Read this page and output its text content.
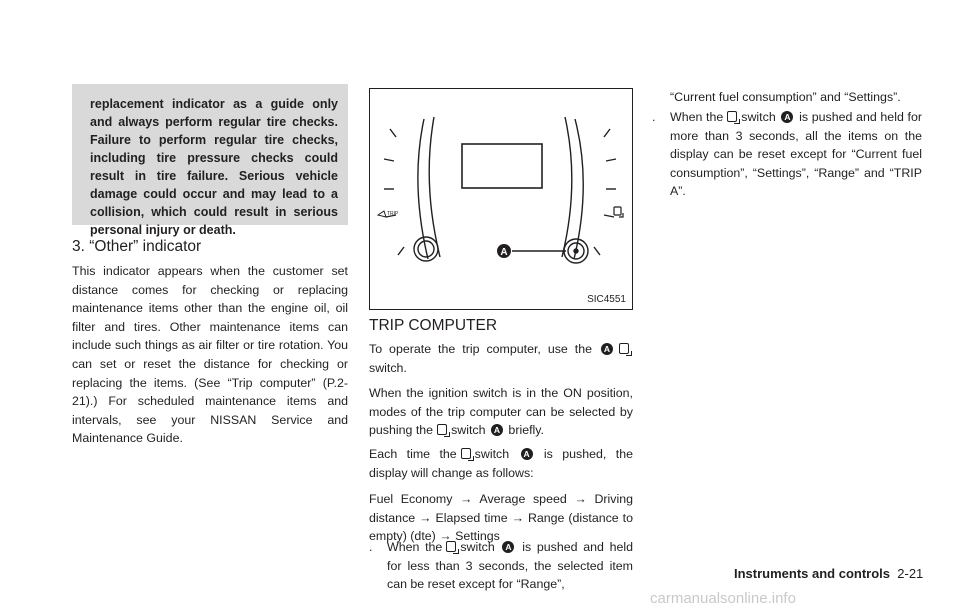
replacement indicator as a guide only and always perform regular tire checks. Failure to perform regular tire checks, including tire pressure checks could result in tire failure. Serious vehicle damage could occur and may lead to a collision, which could result in serious personal injury or death.
3. “Other” indicator

This indicator appears when the customer set distance comes for checking or replacing maintenance items other than the engine oil, oil filter and tires. Other maintenance items can include such things as air filter or tire rotation. You can set or reset the distance for checking or replacing the items. (See “Trip computer” (P.2-21).) For scheduled maintenance items and intervals, see your NISSAN Service and Maintenance Guide.

TRIP
A
SIC4551
TRIP COMPUTER

To operate the trip computer, use the A switch.

When the ignition switch is in the ON position, modes of the trip computer can be selected by pushing the switch A briefly.

Each time the switch A is pushed, the display will change as follows:

Fuel Economy → Average speed → Driving distance → Elapsed time → Range (distance to empty) (dte) → Settings

. When the switch A is pushed and held for less than 3 seconds, the selected item can be reset except for “Range”,

“Current fuel consumption” and “Settings”.

. When the switch A is pushed and held for more than 3 seconds, all the items on the display can be reset except for “Current fuel consumption”, “Settings”, “Range” and “TRIP A”.

Instruments and controls 2-21
carmanualsonline.info
